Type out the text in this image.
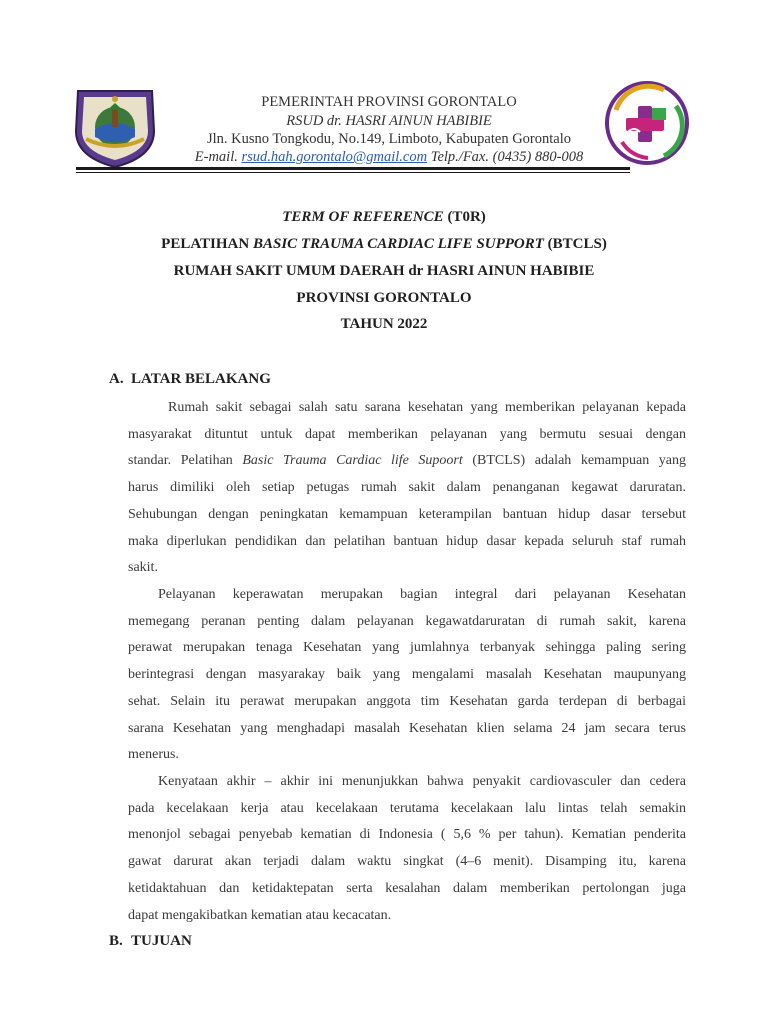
PEMERINTAH PROVINSI GORONTALO
RSUD dr. HASRI AINUN HABIBIE
Jln. Kusno Tongkodu, No.149, Limboto, Kabupaten Gorontalo
E-mail. rsud.hah.gorontalo@gmail.com Telp./Fax. (0435) 880-008
TERM OF REFERENCE (T0R)
PELATIHAN BASIC TRAUMA CARDIAC LIFE SUPPORT (BTCLS)
RUMAH SAKIT UMUM DAERAH dr HASRI AINUN HABIBIE
PROVINSI GORONTALO
TAHUN 2022
A. LATAR BELAKANG
Rumah sakit sebagai salah satu sarana kesehatan yang memberikan pelayanan kepada
masyarakat dituntut untuk dapat memberikan pelayanan yang bermutu sesuai dengan
standar. Pelatihan Basic Trauma Cardiac life Supoort (BTCLS) adalah kemampuan yang
harus dimiliki oleh setiap petugas rumah sakit dalam penanganan kegawat daruratan.
Sehubungan dengan peningkatan kemampuan keterampilan bantuan hidup dasar tersebut
maka diperlukan pendidikan dan pelatihan bantuan hidup dasar kepada seluruh staf rumah
sakit.
Pelayanan keperawatan merupakan bagian integral dari pelayanan Kesehatan
memegang peranan penting dalam pelayanan kegawatdaruratan di rumah sakit, karena
perawat merupakan tenaga Kesehatan yang jumlahnya terbanyak sehingga paling sering
berintegrasi dengan masyarakay baik yang mengalami masalah Kesehatan maupunyang
sehat. Selain itu perawat merupakan anggota tim Kesehatan garda terdepan di berbagai
sarana Kesehatan yang menghadapi masalah Kesehatan klien selama 24 jam secara terus
menerus.
Kenyataan akhir – akhir ini menunjukkan bahwa penyakit cardiovasculer dan cedera
pada kecelakaan kerja atau kecelakaan terutama kecelakaan lalu lintas telah semakin
menonjol sebagai penyebab kematian di Indonesia ( 5,6 % per tahun). Kematian penderita
gawat darurat akan terjadi dalam waktu singkat (4–6 menit). Disamping itu, karena
ketidaktahuan dan ketidaktepatan serta kesalahan dalam memberikan pertolongan juga
dapat mengakibatkan kematian atau kecacatan.
B. TUJUAN
